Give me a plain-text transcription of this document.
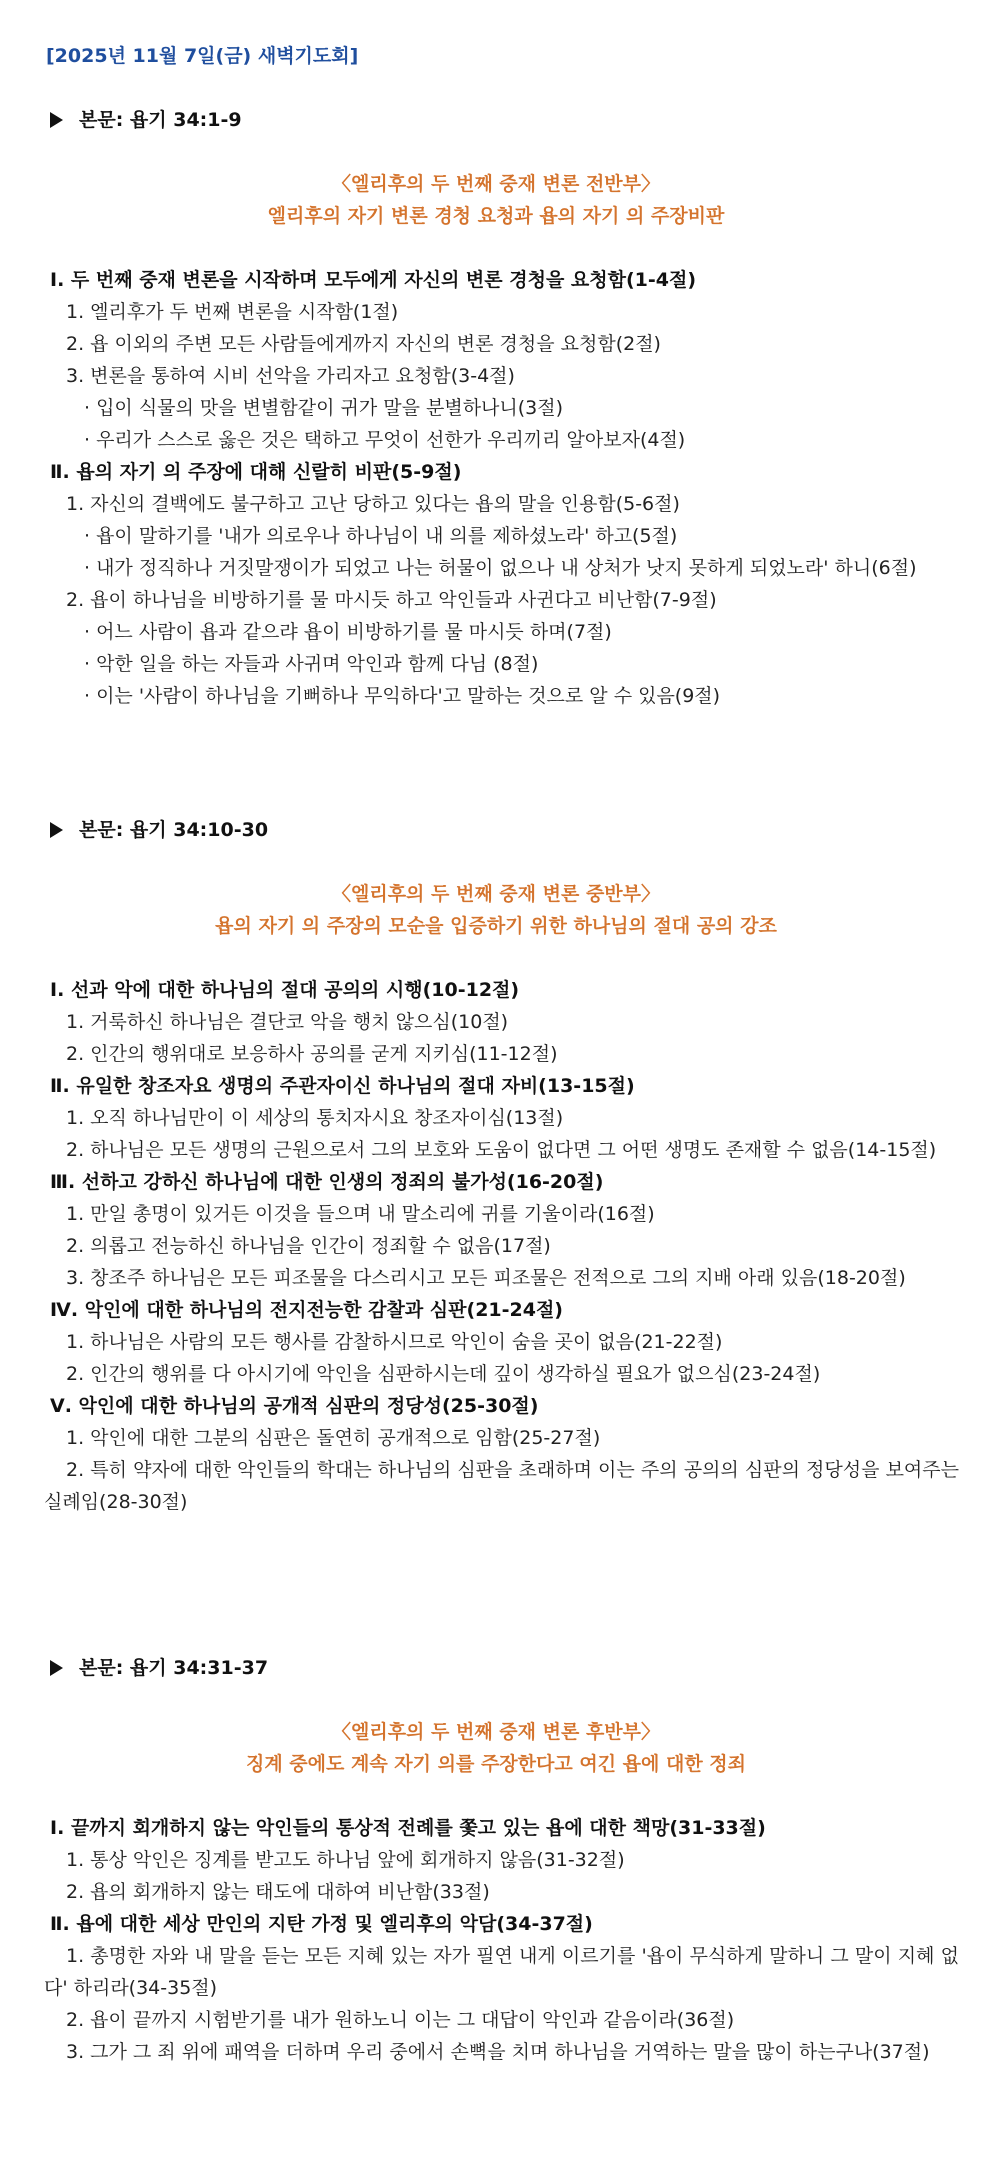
[2025년 11월 7일(금) 새벽기도회]
본문: 욥기 34:1-9
〈엘리후의 두 번째 중재 변론 전반부〉
엘리후의 자기 변론 경청 요청과 욥의 자기 의 주장비판

Ⅰ. 두 번째 중재 변론을 시작하며 모두에게 자신의 변론 경청을 요청함(1-4절)

1. 엘리후가 두 번째 변론을 시작함(1절)

2. 욥 이외의 주변 모든 사람들에게까지 자신의 변론 경청을 요청함(2절)

3. 변론을 통하여 시비 선악을 가리자고 요청함(3-4절)

· 입이 식물의 맛을 변별함같이 귀가 말을 분별하나니(3절)

· 우리가 스스로 옳은 것은 택하고 무엇이 선한가 우리끼리 알아보자(4절)

Ⅱ. 욥의 자기 의 주장에 대해 신랄히 비판(5-9절)

1. 자신의 결백에도 불구하고 고난 당하고 있다는 욥의 말을 인용함(5-6절)

· 욥이 말하기를 '내가 의로우나 하나님이 내 의를 제하셨노라' 하고(5절)

· 내가 정직하나 거짓말쟁이가 되었고 나는 허물이 없으나 내 상처가 낫지 못하게 되었노라' 하니(6절)

2. 욥이 하나님을 비방하기를 물 마시듯 하고 악인들과 사귄다고 비난함(7-9절)

· 어느 사람이 욥과 같으랴 욥이 비방하기를 물 마시듯 하며(7절)

· 악한 일을 하는 자들과 사귀며 악인과 함께 다님 (8절)

· 이는 '사람이 하나님을 기뻐하나 무익하다'고 말하는 것으로 알 수 있음(9절)

본문: 욥기 34:10-30
〈엘리후의 두 번째 중재 변론 중반부〉
욥의 자기 의 주장의 모순을 입증하기 위한 하나님의 절대 공의 강조

Ⅰ. 선과 악에 대한 하나님의 절대 공의의 시행(10-12절)

1. 거룩하신 하나님은 결단코 악을 행치 않으심(10절)

2. 인간의 행위대로 보응하사 공의를 굳게 지키심(11-12절)

Ⅱ. 유일한 창조자요 생명의 주관자이신 하나님의 절대 자비(13-15절)

1. 오직 하나님만이 이 세상의 통치자시요 창조자이심(13절)

2. 하나님은 모든 생명의 근원으로서 그의 보호와 도움이 없다면 그 어떤 생명도 존재할 수 없음(14-15절)

Ⅲ. 선하고 강하신 하나님에 대한 인생의 정죄의 불가성(16-20절)

1. 만일 총명이 있거든 이것을 들으며 내 말소리에 귀를 기울이라(16절)

2. 의롭고 전능하신 하나님을 인간이 정죄할 수 없음(17절)

3. 창조주 하나님은 모든 피조물을 다스리시고 모든 피조물은 전적으로 그의 지배 아래 있음(18-20절)

Ⅳ. 악인에 대한 하나님의 전지전능한 감찰과 심판(21-24절)

1. 하나님은 사람의 모든 행사를 감찰하시므로 악인이 숨을 곳이 없음(21-22절)

2. 인간의 행위를 다 아시기에 악인을 심판하시는데 깊이 생각하실 필요가 없으심(23-24절)

Ⅴ. 악인에 대한 하나님의 공개적 심판의 정당성(25-30절)

1. 악인에 대한 그분의 심판은 돌연히 공개적으로 임함(25-27절)

2. 특히 약자에 대한 악인들의 학대는 하나님의 심판을 초래하며 이는 주의 공의의 심판의 정당성을 보여주는 실례임(28-30절)

본문: 욥기 34:31-37
〈엘리후의 두 번째 중재 변론 후반부〉
징계 중에도 계속 자기 의를 주장한다고 여긴 욥에 대한 정죄

Ⅰ. 끝까지 회개하지 않는 악인들의 통상적 전례를 쫓고 있는 욥에 대한 책망(31-33절)

1. 통상 악인은 징계를 받고도 하나님 앞에 회개하지 않음(31-32절)

2. 욥의 회개하지 않는 태도에 대하여 비난함(33절)

Ⅱ. 욥에 대한 세상 만인의 지탄 가정 및 엘리후의 악담(34-37절)

1. 총명한 자와 내 말을 듣는 모든 지혜 있는 자가 필연 내게 이르기를 '욥이 무식하게 말하니 그 말이 지혜 없다' 하리라(34-35절)

2. 욥이 끝까지 시험받기를 내가 원하노니 이는 그 대답이 악인과 같음이라(36절)

3. 그가 그 죄 위에 패역을 더하며 우리 중에서 손뼉을 치며 하나님을 거역하는 말을 많이 하는구나(37절)
